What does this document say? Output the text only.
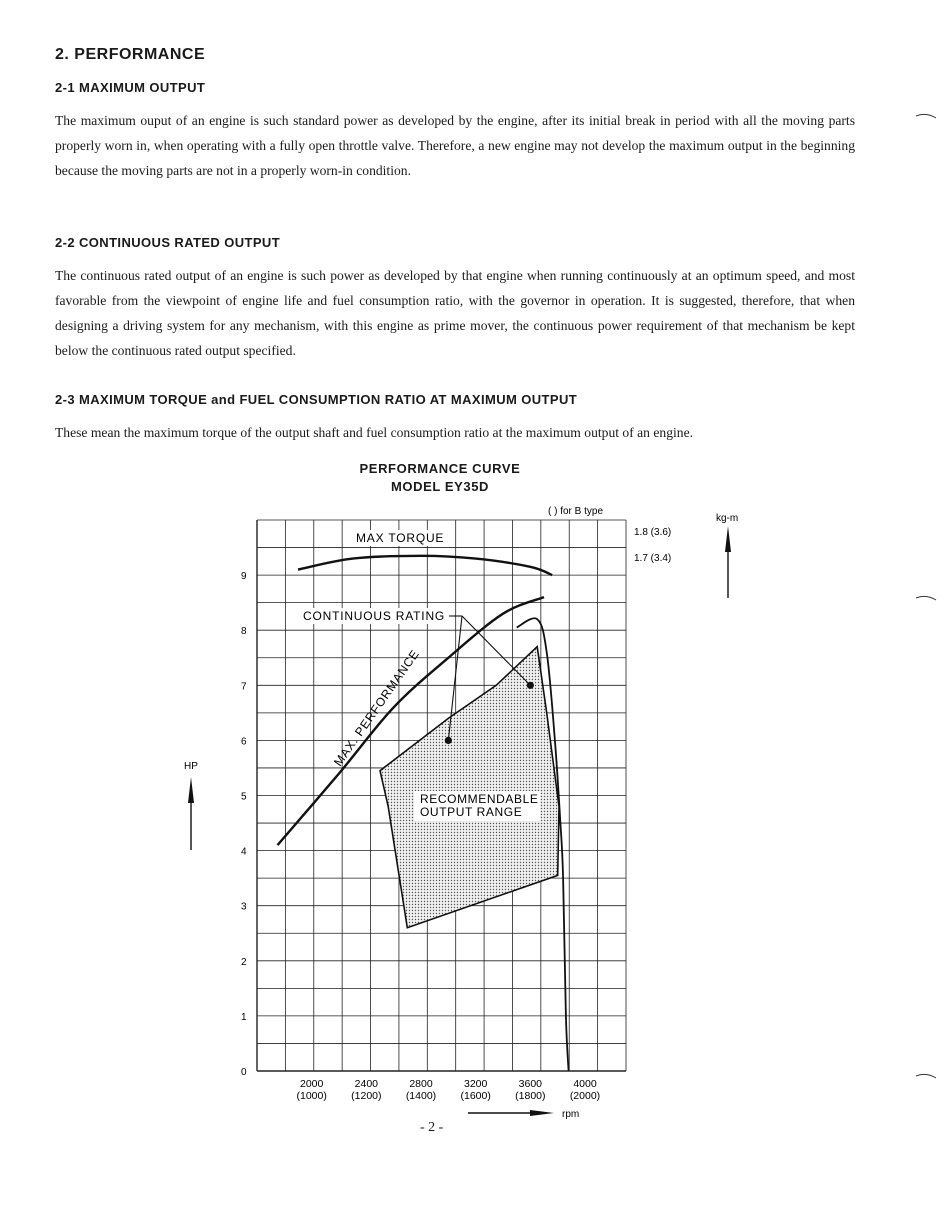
2. PERFORMANCE
2-1 MAXIMUM OUTPUT
The maximum ouput of an engine is such standard power as developed by the engine, after its initial break in period with all the moving parts properly worn in, when operating with a fully open throttle valve. Therefore, a new engine may not develop the maximum output in the beginning because the moving parts are not in a properly worn-in condition.
2-2 CONTINUOUS RATED OUTPUT
The continuous rated output of an engine is such power as developed by that engine when running continuously at an optimum speed, and most favorable from the viewpoint of engine life and fuel consumption ratio, with the governor in operation. It is suggested, therefore, that when designing a driving system for any mechanism, with this engine as prime mover, the continuous power requirement of that mechanism be kept below the continuous rated output specified.
2-3 MAXIMUM TORQUE and FUEL CONSUMPTION RATIO AT MAXIMUM OUTPUT
These mean the maximum torque of the output shaft and fuel consumption ratio at the maximum output of an engine.
PERFORMANCE CURVE
MODEL EY35D
0
1
2
3
4
5
6
7
8
9
2000
(1000)
2400
(1200)
2800
(1400)
3200
(1600)
3600
(1800)
4000
(2000)
1.8 (3.6)
1.7 (3.4)
MAX TORQUE
CONTINUOUS RATING
RECOMMENDABLE
OUTPUT RANGE
MAX. PERFORMANCE
( ) for B type
kg-m
HP
rpm
- 2 -
